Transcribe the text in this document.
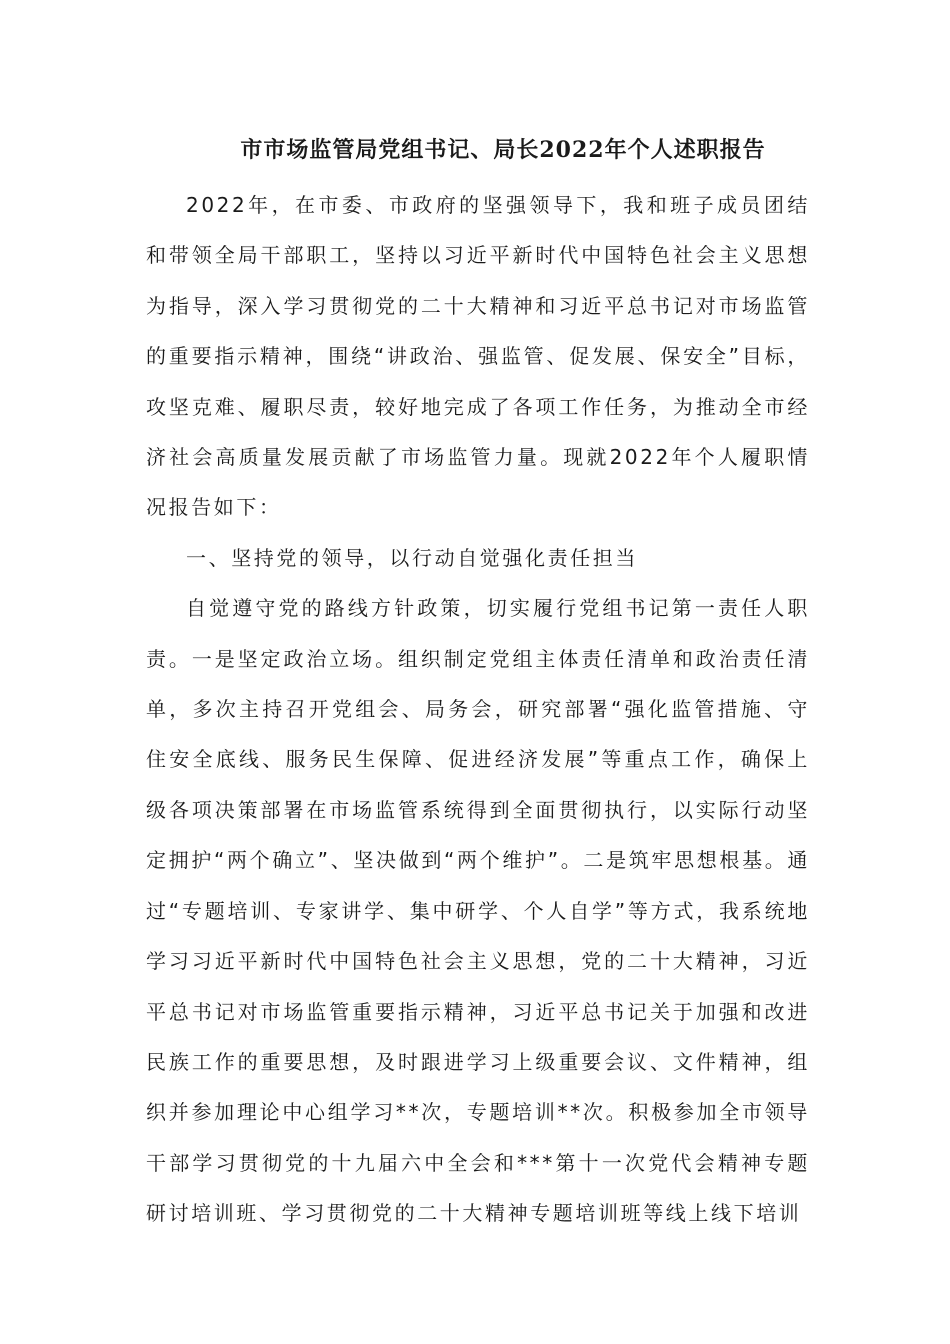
市市场监管局党组书记、局长2022年个人述职报告

2022年，在市委、市政府的坚强领导下，我和班子成员团结和带领全局干部职工，坚持以习近平新时代中国特色社会主义思想为指导，深入学习贯彻党的二十大精神和习近平总书记对市场监管的重要指示精神，围绕“讲政治、强监管、促发展、保安全”目标，攻坚克难、履职尽责，较好地完成了各项工作任务，为推动全市经济社会高质量发展贡献了市场监管力量。现就2022年个人履职情况报告如下：

一、坚持党的领导，以行动自觉强化责任担当

自觉遵守党的路线方针政策，切实履行党组书记第一责任人职责。一是坚定政治立场。组织制定党组主体责任清单和政治责任清单，多次主持召开党组会、局务会，研究部署“强化监管措施、守住安全底线、服务民生保障、促进经济发展”等重点工作，确保上级各项决策部署在市场监管系统得到全面贯彻执行，以实际行动坚定拥护“两个确立”、坚决做到“两个维护”。二是筑牢思想根基。通过“专题培训、专家讲学、集中研学、个人自学”等方式，我系统地学习习近平新时代中国特色社会主义思想，党的二十大精神，习近平总书记对市场监管重要指示精神，习近平总书记关于加强和改进民族工作的重要思想，及时跟进学习上级重要会议、文件精神，组织并参加理论中心组学习**次，专题培训**次。积极参加全市领导干部学习贯彻党的十九届六中全会和***第十一次党代会精神专题研讨培训班、学习贯彻党的二十大精神专题培训班等线上线下培训
